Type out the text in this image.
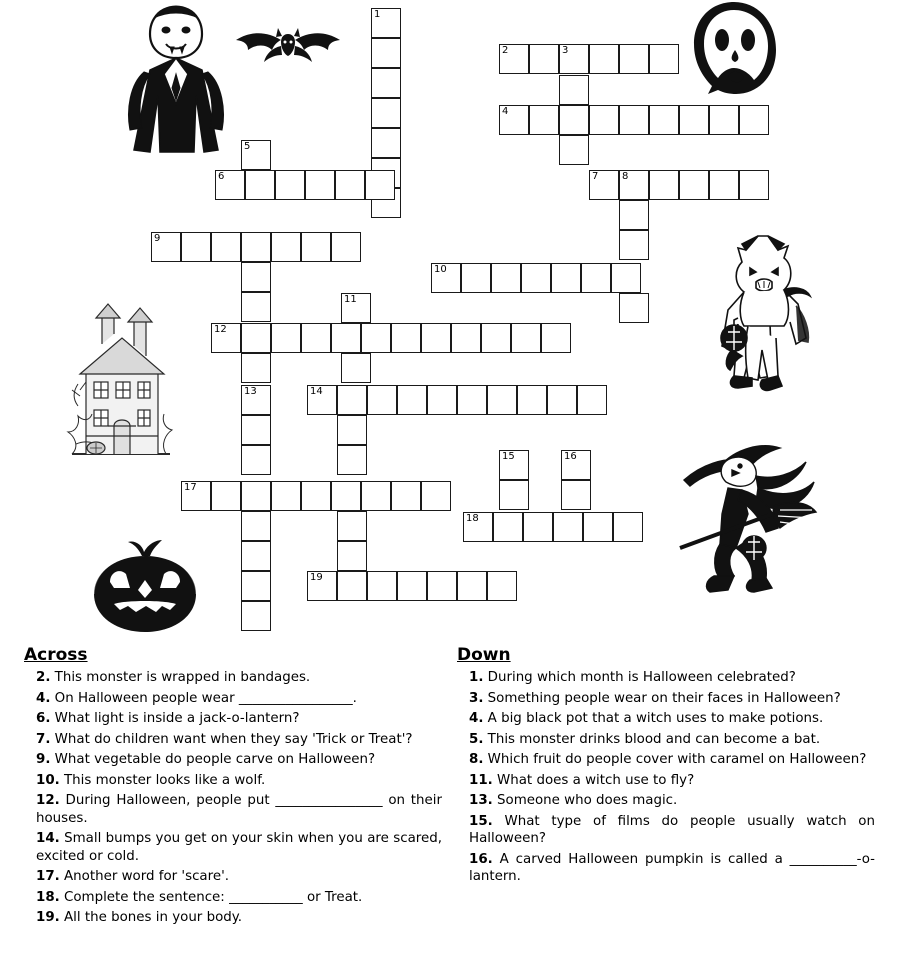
1
2	3
4
5
6	7 8
9
10
11
12
13	14
15	16
17
18
19
Across

2. This monster is wrapped in bandages.

4. On Halloween people wear _________________.

6. What light is inside a jack-o-lantern?

7. What do children want when they say 'Trick or Treat'?

9. What vegetable do people carve on Halloween?

10. This monster looks like a wolf.

12. During Halloween, people put ________________ on their houses.

14. Small bumps you get on your skin when you are scared, excited or cold.

17. Another word for 'scare'.

18. Complete the sentence: ___________ or Treat.

19. All the bones in your body.

Down

1. During which month is Halloween celebrated?

3. Something people wear on their faces in Halloween?

4. A big black pot that a witch uses to make potions.

5. This monster drinks blood and can become a bat.

8. Which fruit do people cover with caramel on Halloween?

11. What does a witch use to fly?

13. Someone who does magic.

15. What type of films do people usually watch on Halloween?

16. A carved Halloween pumpkin is called a __________-o-lantern.
